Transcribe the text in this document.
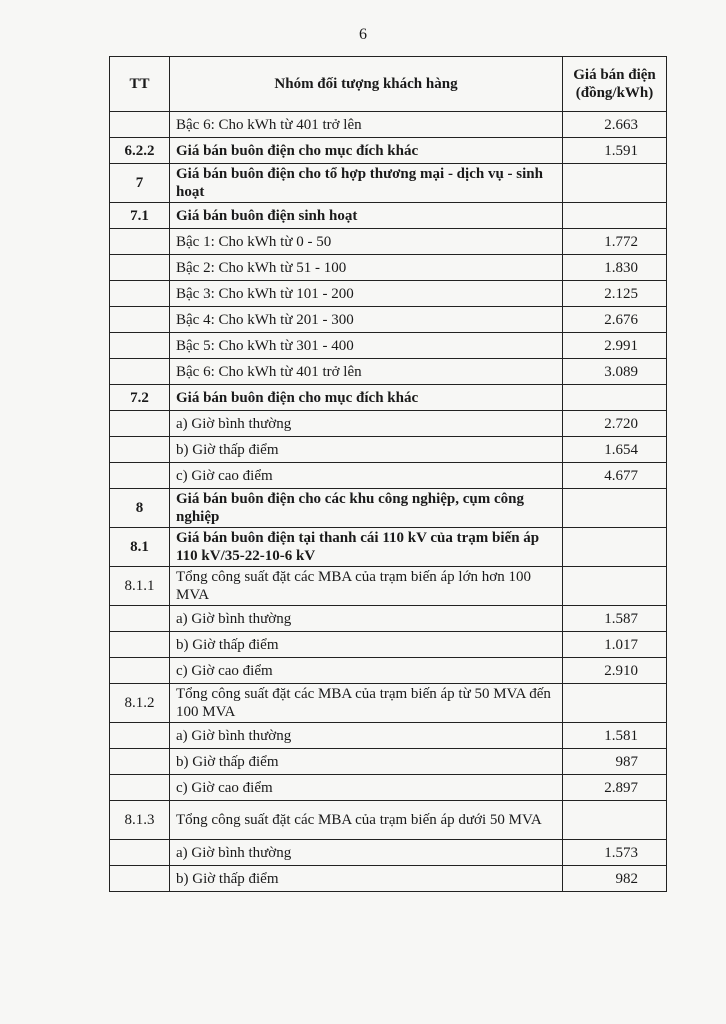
6
TT	Nhóm đối tượng khách hàng	Giá bán điện (đồng/kWh)
	Bậc 6: Cho kWh từ 401 trở lên	2.663
6.2.2	Giá bán buôn điện cho mục đích khác	1.591
7	Giá bán buôn điện cho tổ hợp thương mại - dịch vụ - sinh hoạt	
7.1	Giá bán buôn điện sinh hoạt	
	Bậc 1: Cho kWh từ 0 - 50	1.772
	Bậc 2: Cho kWh từ 51 - 100	1.830
	Bậc 3: Cho kWh từ 101 - 200	2.125
	Bậc 4: Cho kWh từ 201 - 300	2.676
	Bậc 5: Cho kWh từ 301 - 400	2.991
	Bậc 6: Cho kWh từ 401 trở lên	3.089
7.2	Giá bán buôn điện cho mục đích khác	
	a) Giờ bình thường	2.720
	b) Giờ thấp điểm	1.654
	c) Giờ cao điểm	4.677
8	Giá bán buôn điện cho các khu công nghiệp, cụm công nghiệp	
8.1	Giá bán buôn điện tại thanh cái 110 kV của trạm biến áp 110 kV/35-22-10-6 kV	
8.1.1	Tổng công suất đặt các MBA của trạm biến áp lớn hơn 100 MVA	
	a) Giờ bình thường	1.587
	b) Giờ thấp điểm	1.017
	c) Giờ cao điểm	2.910
8.1.2	Tổng công suất đặt các MBA của trạm biến áp từ 50 MVA đến 100 MVA	
	a) Giờ bình thường	1.581
	b) Giờ thấp điểm	987
	c) Giờ cao điểm	2.897
8.1.3	Tổng công suất đặt các MBA của trạm biến áp dưới 50 MVA	
	a) Giờ bình thường	1.573
	b) Giờ thấp điểm	982
